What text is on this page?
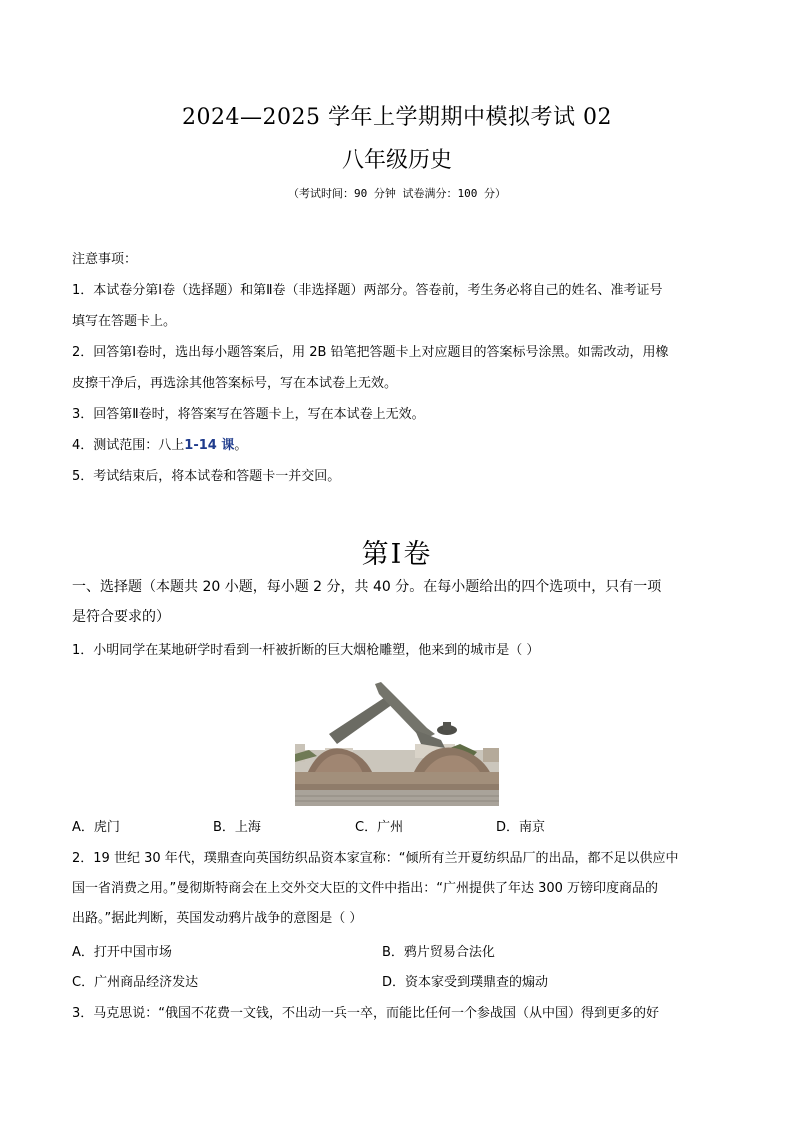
2024—2025 学年上学期期中模拟考试 02
八年级历史
（考试时间：90 分钟 试卷满分：100 分）

注意事项：

1．本试卷分第Ⅰ卷（选择题）和第Ⅱ卷（非选择题）两部分。答卷前，考生务必将自己的姓名、准考证号

填写在答题卡上。

2．回答第Ⅰ卷时，选出每小题答案后，用 2B 铅笔把答题卡上对应题目的答案标号涂黑。如需改动，用橡

皮擦干净后，再选涂其他答案标号，写在本试卷上无效。

3．回答第Ⅱ卷时，将答案写在答题卡上，写在本试卷上无效。

4．测试范围：八上1-14 课。

5．考试结束后，将本试卷和答题卡一并交回。

第Ⅰ卷
一、选择题（本题共 20 小题，每小题 2 分，共 40 分。在每小题给出的四个选项中，只有一项
是符合要求的）
1．小明同学在某地研学时看到一杆被折断的巨大烟枪雕塑，他来到的城市是（ ）
A．虎门	B．上海	C．广州	D．南京
2．19 世纪 30 年代，璞鼎查向英国纺织品资本家宣称：“倾所有兰开夏纺织品厂的出品，都不足以供应中
国一省消费之用。”曼彻斯特商会在上交外交大臣的文件中指出：“广州提供了年达 300 万镑印度商品的
出路。”据此判断，英国发动鸦片战争的意图是（ ）
A．打开中国市场	B．鸦片贸易合法化
C．广州商品经济发达	D．资本家受到璞鼎查的煽动
3．马克思说：“俄国不花费一文钱，不出动一兵一卒，而能比任何一个参战国（从中国）得到更多的好
